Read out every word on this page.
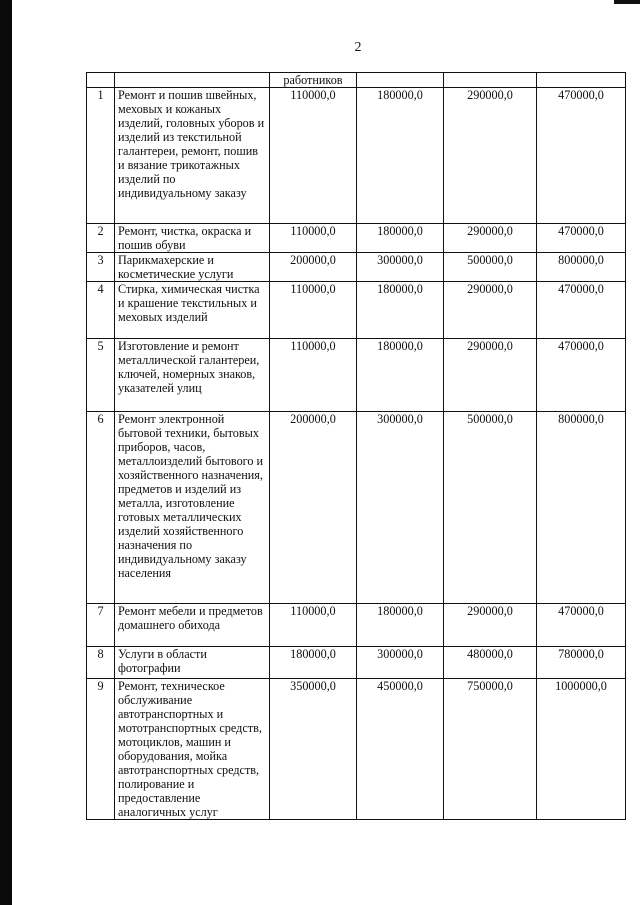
2
		работников			
1	Ремонт и пошив швейных, меховых и кожаных изделий, головных уборов и изделий из текстильной галантереи, ремонт, пошив и вязание трикотажных изделий по индивидуальному заказу	110000,0	180000,0	290000,0	470000,0
2	Ремонт, чистка, окраска и пошив обуви	110000,0	180000,0	290000,0	470000,0
3	Парикмахерские и косметические услуги	200000,0	300000,0	500000,0	800000,0
4	Стирка, химическая чистка и крашение текстильных и меховых изделий	110000,0	180000,0	290000,0	470000,0
5	Изготовление и ремонт металлической галантереи, ключей, номерных знаков, указателей улиц	110000,0	180000,0	290000,0	470000,0
6	Ремонт электронной бытовой техники, бытовых приборов, часов, металлоизделий бытового и хозяйственного назначения, предметов и изделий из металла, изготовление готовых металлических изделий хозяйственного назначения по индивидуальному заказу населения	200000,0	300000,0	500000,0	800000,0
7	Ремонт мебели и предметов домашнего обихода	110000,0	180000,0	290000,0	470000,0
8	Услуги в области фотографии	180000,0	300000,0	480000,0	780000,0
9	Ремонт, техническое обслуживание автотранспортных и мототранспортных средств, мотоциклов, машин и оборудования, мойка автотранспортных средств, полирование и предоставление аналогичных услуг	350000,0	450000,0	750000,0	1000000,0
